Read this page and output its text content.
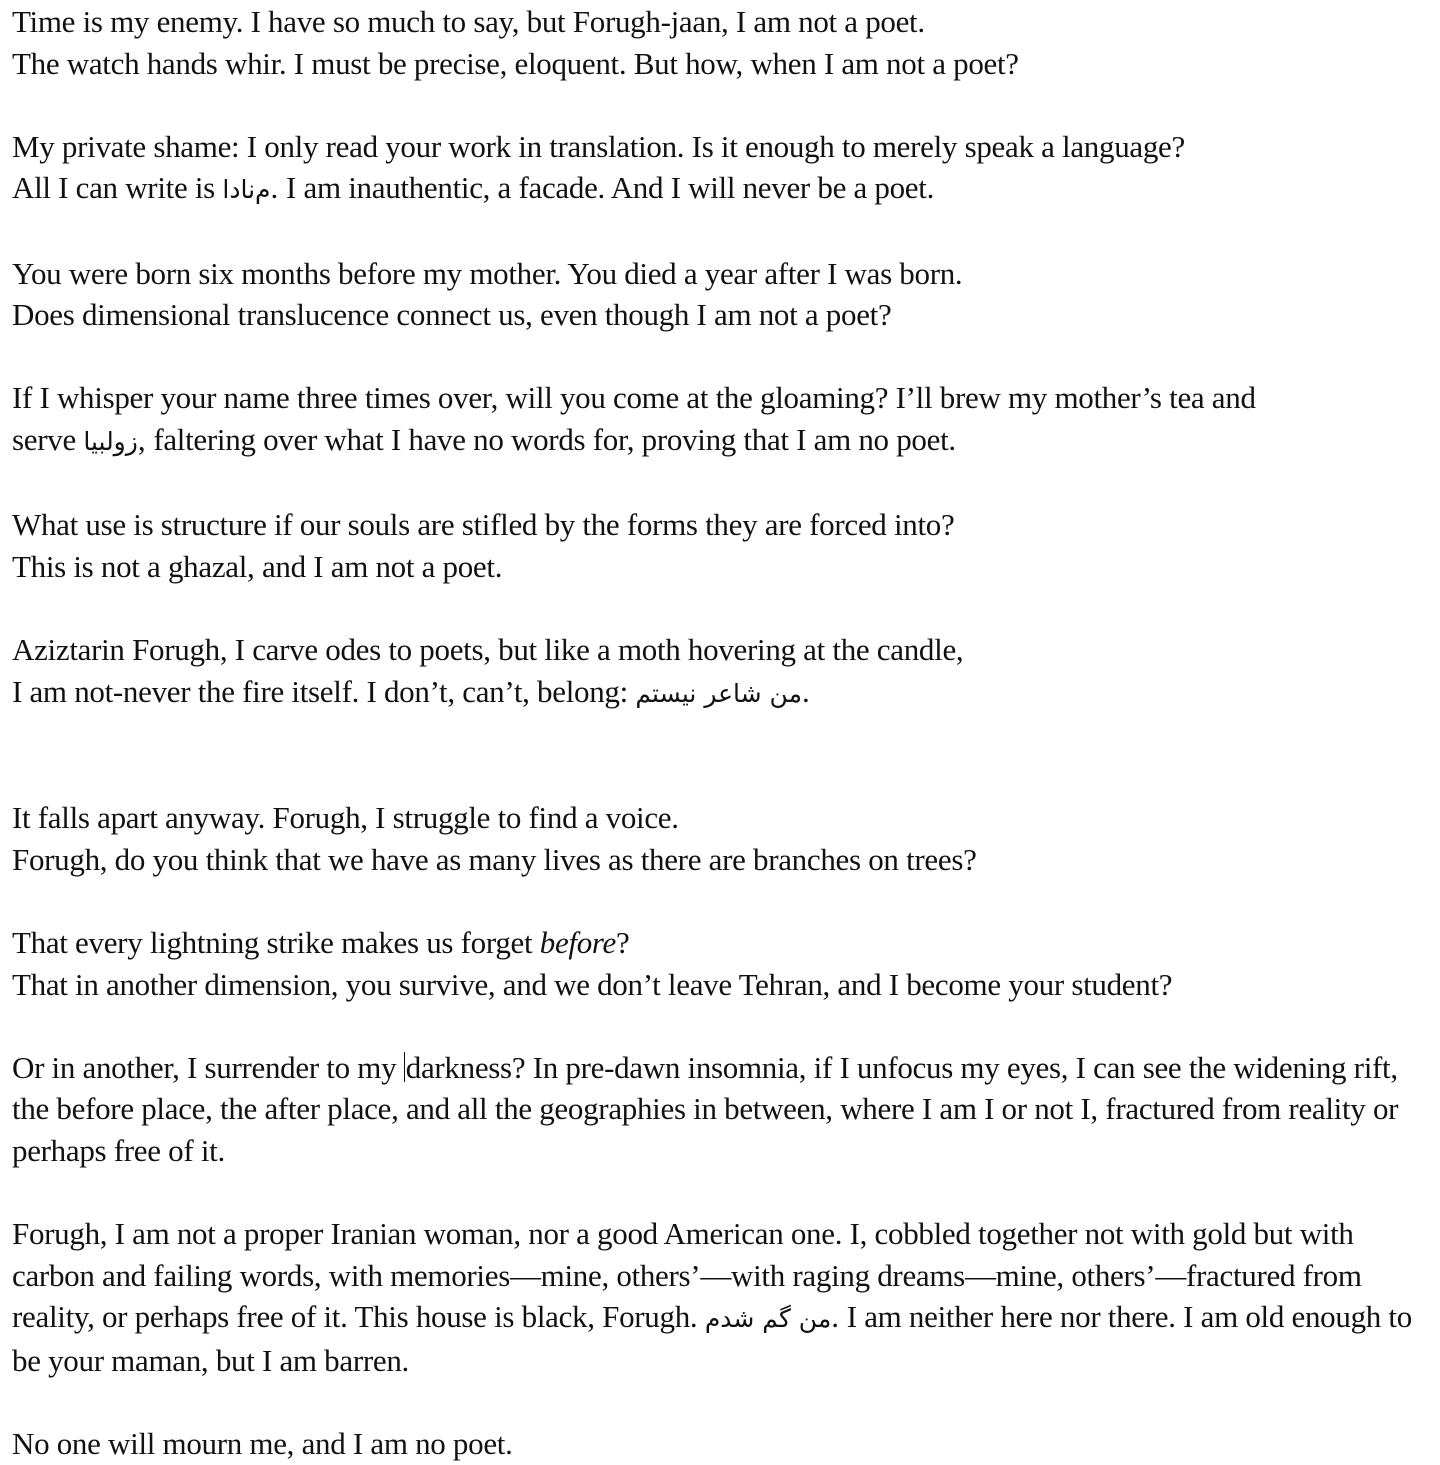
Time is my enemy. I have so much to say, but Forugh-jaan, I am not a poet.
The watch hands whir. I must be precise, eloquent. But how, when I am not a poet?
My private shame: I only read your work in translation. Is it enough to merely speak a language?
All I can write is م‌نادا. I am inauthentic, a facade. And I will never be a poet.
You were born six months before my mother. You died a year after I was born.
Does dimensional translucence connect us, even though I am not a poet?
If I whisper your name three times over, will you come at the gloaming? I’ll brew my mother’s tea and
serve زولبیا, faltering over what I have no words for, proving that I am no poet.
What use is structure if our souls are stifled by the forms they are forced into?
This is not a ghazal, and I am not a poet.
Aziztarin Forugh, I carve odes to poets, but like a moth hovering at the candle,
I am not-never the fire itself. I don’t, can’t, belong: من شاعر نیستم.
It falls apart anyway. Forugh, I struggle to find a voice.
Forugh, do you think that we have as many lives as there are branches on trees?
That every lightning strike makes us forget before?
That in another dimension, you survive, and we don’t leave Tehran, and I become your student?
Or in another, I surrender to my darkness? In pre-dawn insomnia, if I unfocus my eyes, I can see the widening rift, the before place, the after place, and all the geographies in between, where I am I or not I, fractured from reality or perhaps free of it.
Forugh, I am not a proper Iranian woman, nor a good American one. I, cobbled together not with gold but with carbon and failing words, with memories—mine, others’—with raging dreams—mine, others’—fractured from reality, or perhaps free of it. This house is black, Forugh. من گم شدم. I am neither here nor there. I am old enough to be your maman, but I am barren.
No one will mourn me, and I am no poet.
